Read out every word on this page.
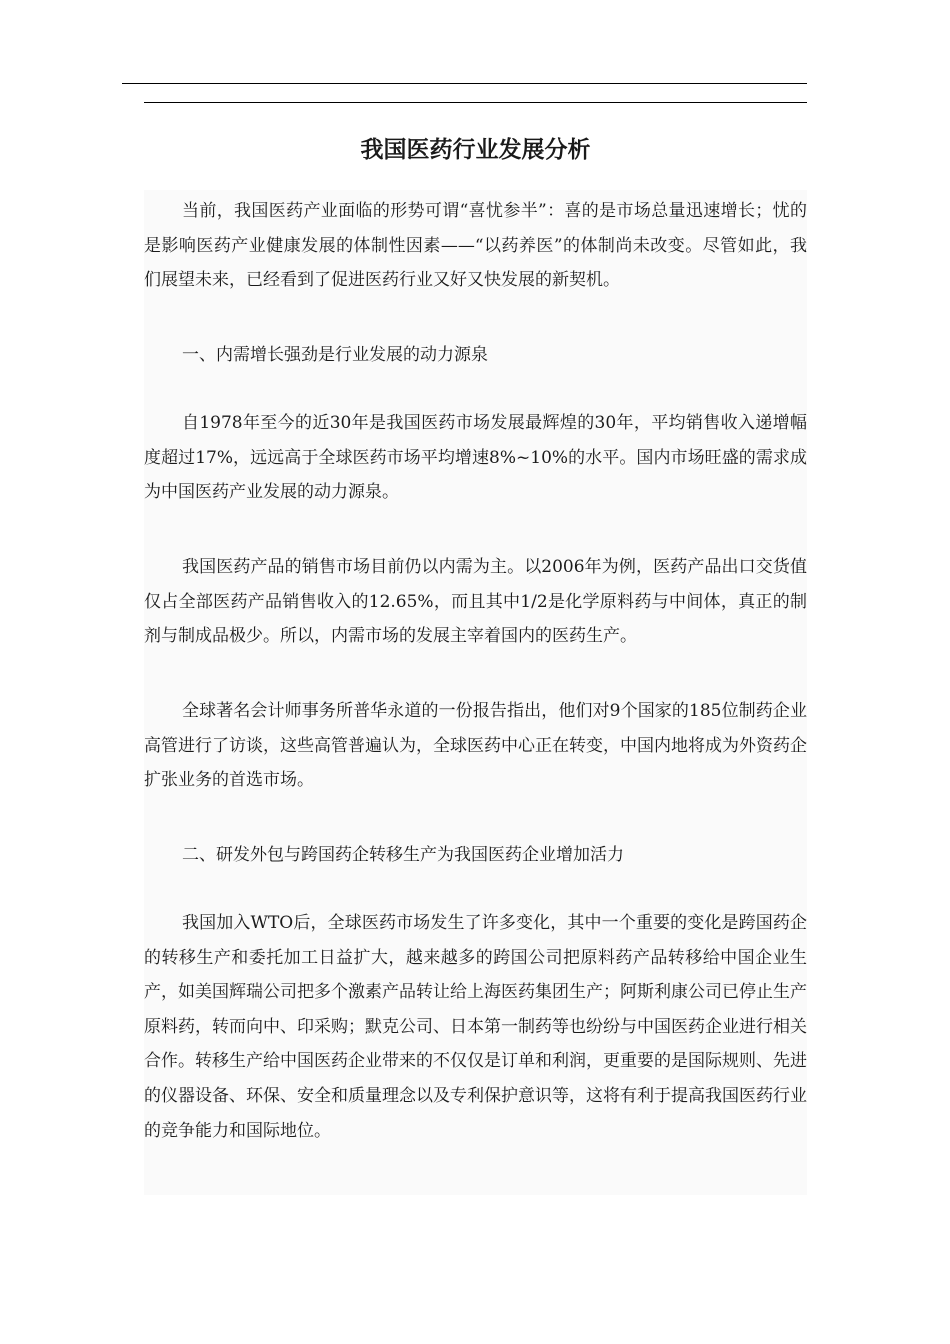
我国医药行业发展分析

当前，我国医药产业面临的形势可谓“喜忧参半”：喜的是市场总量迅速增长；忧的是影响医药产业健康发展的体制性因素——“以药养医”的体制尚未改变。尽管如此，我们展望未来，已经看到了促进医药行业又好又快发展的新契机。

一、内需增长强劲是行业发展的动力源泉

自1978年至今的近30年是我国医药市场发展最辉煌的30年，平均销售收入递增幅度超过17%，远远高于全球医药市场平均增速8%~10%的水平。国内市场旺盛的需求成为中国医药产业发展的动力源泉。

我国医药产品的销售市场目前仍以内需为主。以2006年为例，医药产品出口交货值仅占全部医药产品销售收入的12.65%，而且其中1/2是化学原料药与中间体，真正的制剂与制成品极少。所以，内需市场的发展主宰着国内的医药生产。

全球著名会计师事务所普华永道的一份报告指出，他们对9个国家的185位制药企业高管进行了访谈，这些高管普遍认为，全球医药中心正在转变，中国内地将成为外资药企扩张业务的首选市场。

二、研发外包与跨国药企转移生产为我国医药企业增加活力

我国加入WTO后，全球医药市场发生了许多变化，其中一个重要的变化是跨国药企的转移生产和委托加工日益扩大，越来越多的跨国公司把原料药产品转移给中国企业生产，如美国辉瑞公司把多个激素产品转让给上海医药集团生产；阿斯利康公司已停止生产原料药，转而向中、印采购；默克公司、日本第一制药等也纷纷与中国医药企业进行相关合作。转移生产给中国医药企业带来的不仅仅是订单和利润，更重要的是国际规则、先进的仪器设备、环保、安全和质量理念以及专利保护意识等，这将有利于提高我国医药行业的竞争能力和国际地位。
